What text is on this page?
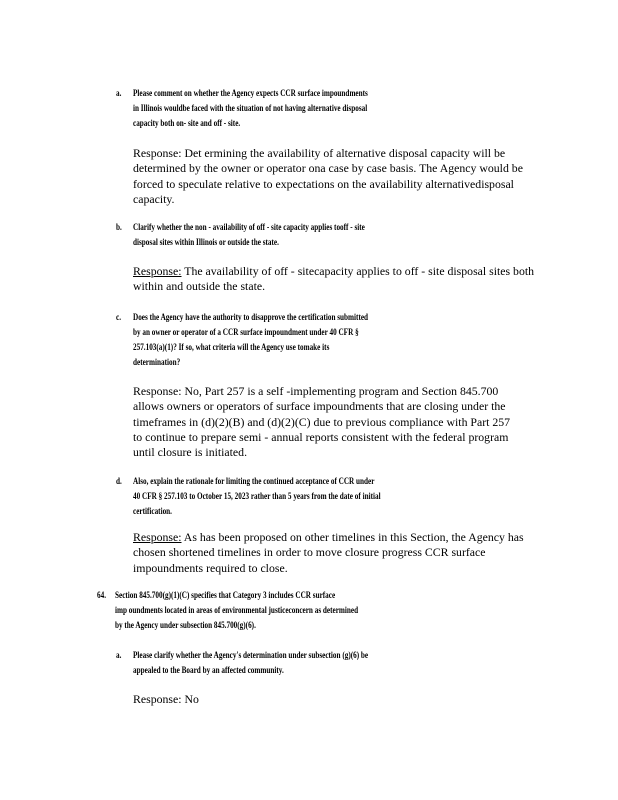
a. Please comment on whether the Agency expects CCR surface impoundments
in Illinois wouldbe faced with the situation of not having alternative disposal
capacity both on- site and off - site.
Response: Det ermining the availability of alternative disposal capacity will be
determined by the owner or operator ona case by case basis. The Agency would be
forced to speculate relative to expectations on the availability alternativedisposal
capacity.
b. Clarify whether the non - availability of off - site capacity applies tooff - site
disposal sites within Illinois or outside the state.
Response: The availability of off - sitecapacity applies to off - site disposal sites both
within and outside the state.
c. Does the Agency have the authority to disapprove the certification submitted
by an owner or operator of a CCR surface impoundment under 40 CFR §
257.103(a)(1)? If so, what criteria will the Agency use tomake its
determination?
Response: No, Part 257 is a self -implementing program and Section 845.700
allows owners or operators of surface impoundments that are closing under the
timeframes in (d)(2)(B) and (d)(2)(C) due to previous compliance with Part 257
to continue to prepare semi - annual reports consistent with the federal program
until closure is initiated.
d. Also, explain the rationale for limiting the continued acceptance of CCR under
40 CFR § 257.103 to October 15, 2023 rather than 5 years from the date of initial
certification.
Response: As has been proposed on other timelines in this Section, the Agency has
chosen shortened timelines in order to move closure progress CCR surface
impoundments required to close.
64. Section 845.700(g)(1)(C) specifies that Category 3 includes CCR surface
imp oundments located in areas of environmental justiceconcern as determined
by the Agency under subsection 845.700(g)(6).
a. Please clarify whether the Agency's determination under subsection (g)(6) be
appealed to the Board by an affected community.
Response: No
